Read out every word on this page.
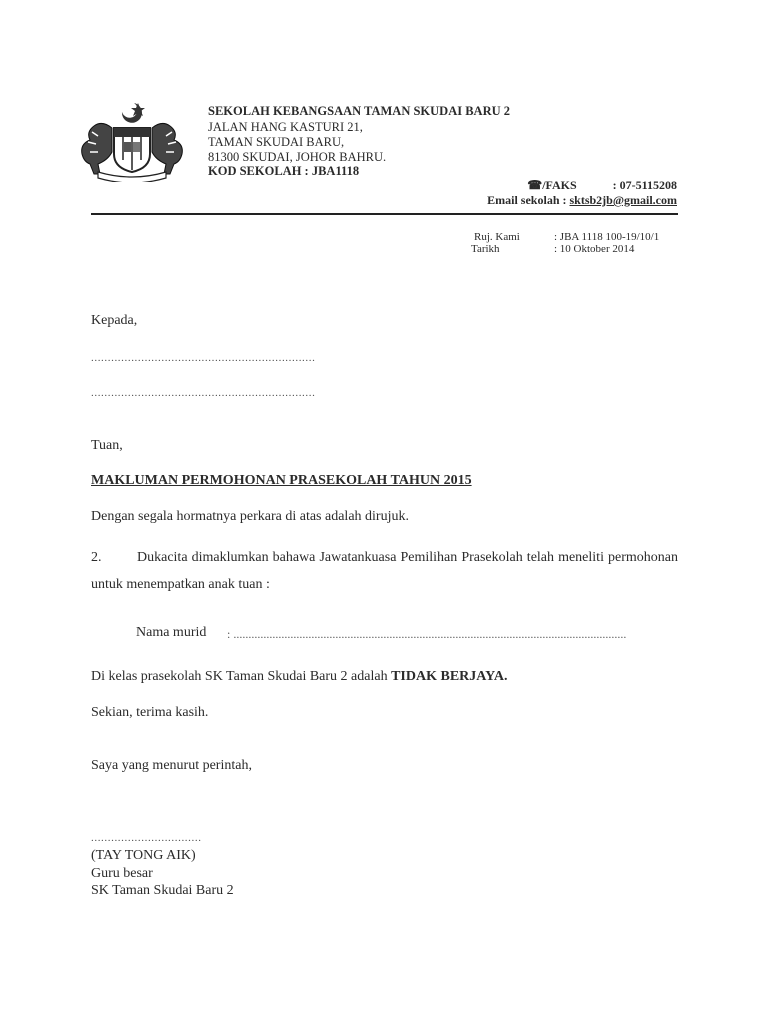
SEKOLAH KEBANGSAAN TAMAN SKUDAI BARU 2
JALAN HANG KASTURI 21,
TAMAN SKUDAI BARU,
81300 SKUDAI, JOHOR BAHRU.
KOD SEKOLAH : JBA1118
☎/FAKS	: 07-5115208
Email sekolah : sktsb2jb@gmail.com
Ruj. Kami	: JBA 1118 100-19/10/1
Tarikh	: 10 Oktober 2014
Kepada,
...................................................................
...................................................................
Tuan,
MAKLUMAN PERMOHONAN PRASEKOLAH TAHUN 2015
Dengan segala hormatnya perkara di atas adalah dirujuk.
2.	Dukacita dimaklumkan bahawa Jawatankuasa Pemilihan Prasekolah telah meneliti permohonan untuk menempatkan anak tuan :
Nama murid : ...................................................................................................................................
Di kelas prasekolah SK Taman Skudai Baru 2 adalah TIDAK BERJAYA.
Sekian, terima kasih.
Saya yang menurut perintah,
.................................
(TAY TONG AIK)
Guru besar
SK Taman Skudai Baru 2
